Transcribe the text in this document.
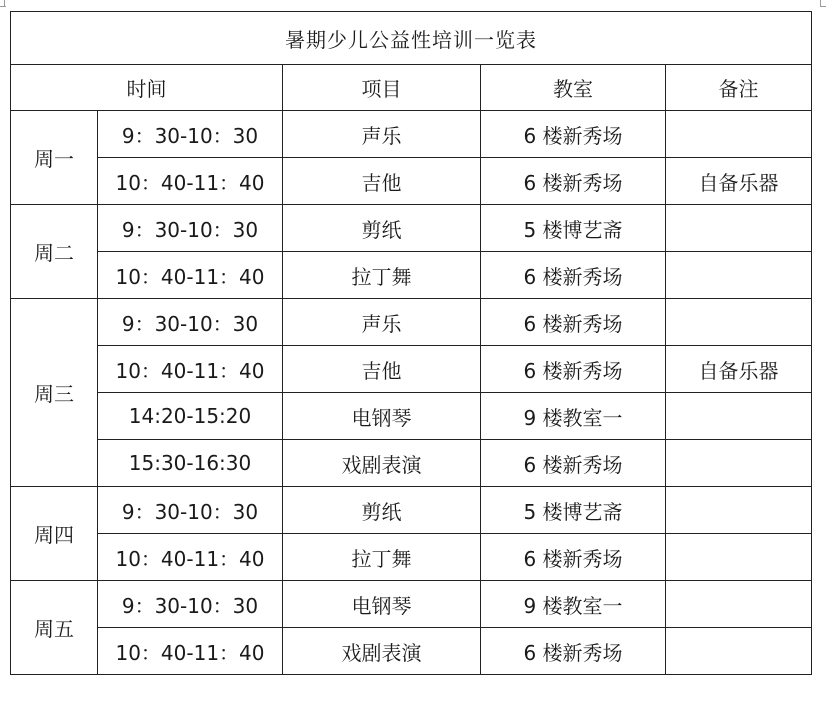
暑期少儿公益性培训一览表				
时间		项目	教室	备注
周一	9：30-10：30	声乐	6 楼新秀场	
	10：40-11：40	吉他	6 楼新秀场	自备乐器
周二	9：30-10：30	剪纸	5 楼博艺斋	
	10：40-11：40	拉丁舞	6 楼新秀场	
周三	9：30-10：30	声乐	6 楼新秀场	
	10：40-11：40	吉他	6 楼新秀场	自备乐器
	14:20-15:20	电钢琴	9 楼教室一	
	15:30-16:30	戏剧表演	6 楼新秀场	
周四	9：30-10：30	剪纸	5 楼博艺斋	
	10：40-11：40	拉丁舞	6 楼新秀场	
周五	9：30-10：30	电钢琴	9 楼教室一	
	10：40-11：40	戏剧表演	6 楼新秀场	
